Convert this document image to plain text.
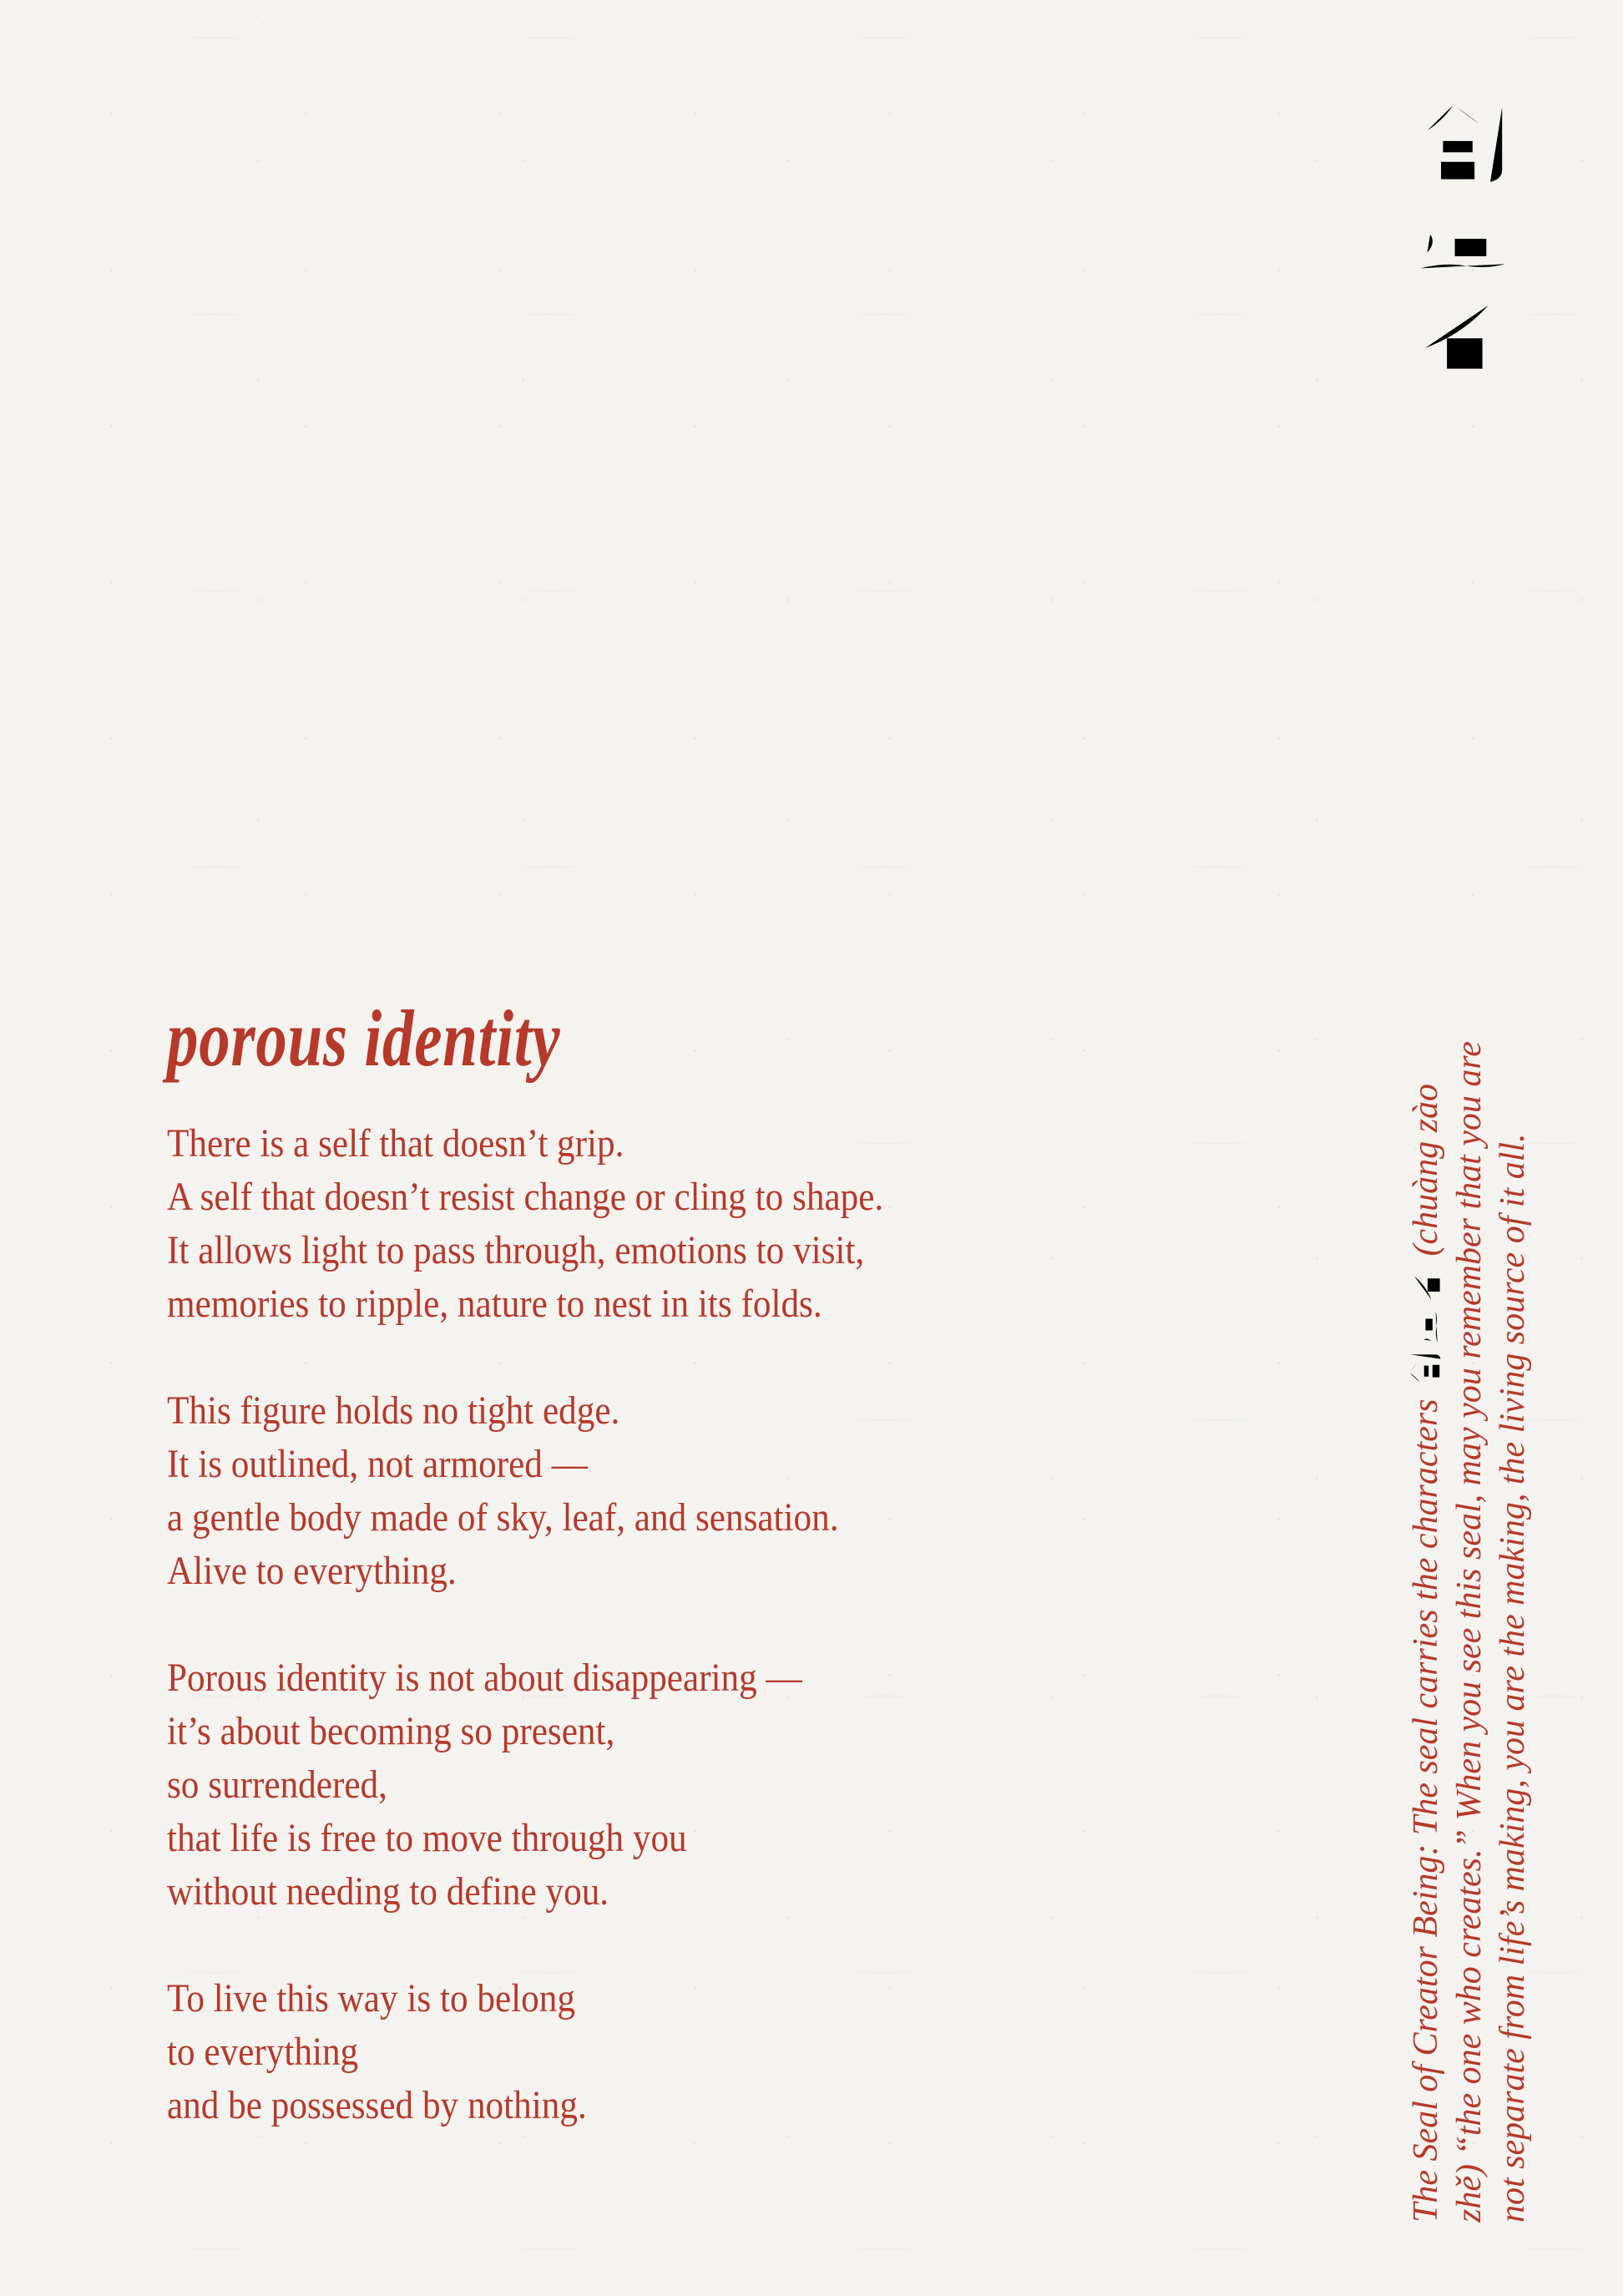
porous identity

There is a self that doesn’t grip.
A self that doesn’t resist change or cling to shape.
It allows light to pass through, emotions to visit,
memories to ripple, nature to nest in its folds.

This figure holds no tight edge.
It is outlined, not armored —
a gentle body made of sky, leaf, and sensation.
Alive to everything.

Porous identity is not about disappearing —
it’s about becoming so present,
so surrendered,
that life is free to move through you
without needing to define you.

To live this way is to belong
to everything
and be possessed by nothing.	The Seal of Creator Being: The seal carries the characters
(chuàng zào zhě) “the one who creates.” When you see this seal, may you remember that you are not separate from life’s making, you are the making, the living source of it all.
